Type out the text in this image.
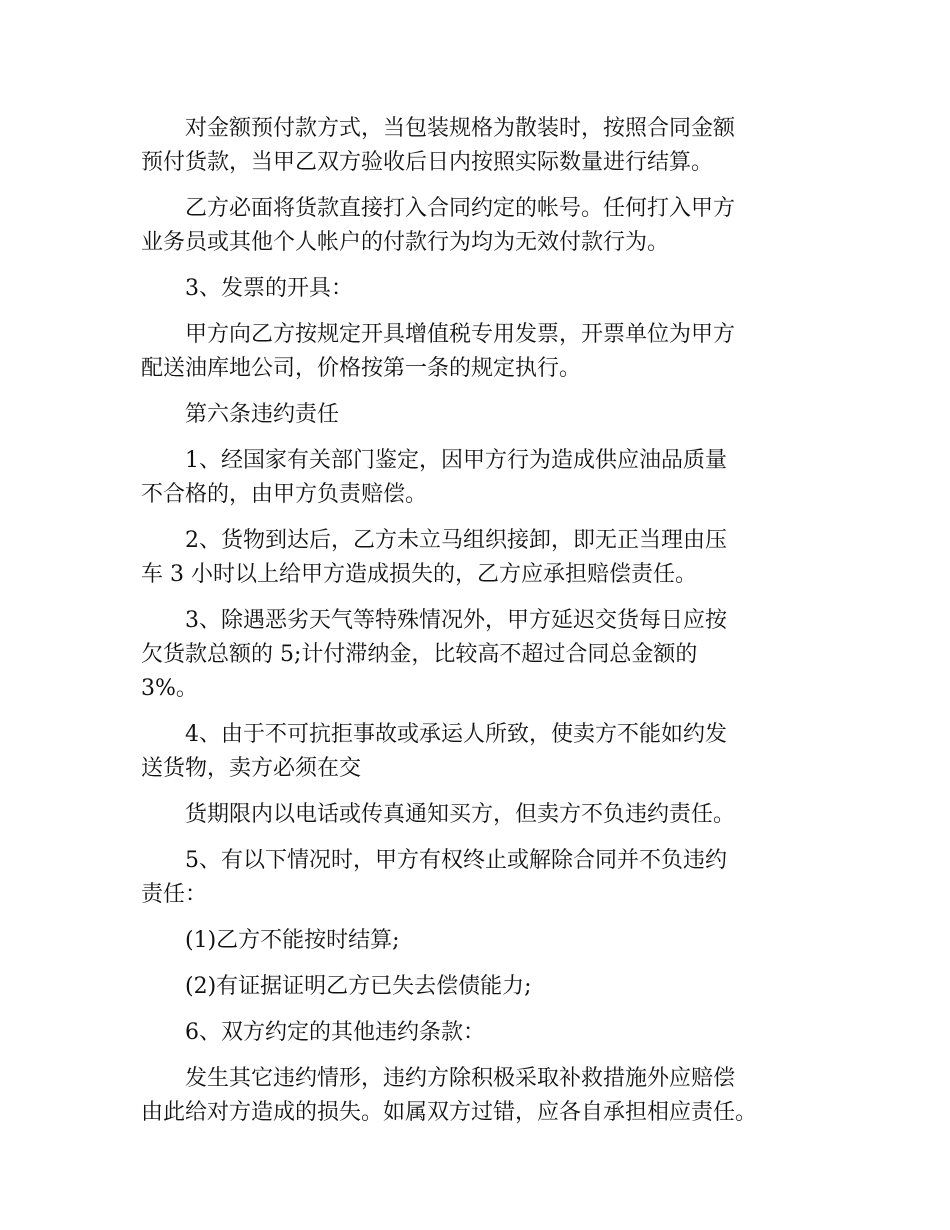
对金额预付款方式，当包装规格为散装时，按照合同金额
预付货款，当甲乙双方验收后日内按照实际数量进行结算。

乙方必面将货款直接打入合同约定的帐号。任何打入甲方
业务员或其他个人帐户的付款行为均为无效付款行为。

3、发票的开具：

甲方向乙方按规定开具增值税专用发票，开票单位为甲方
配送油库地公司，价格按第一条的规定执行。

第六条违约责任

1、经国家有关部门鉴定，因甲方行为造成供应油品质量
不合格的，由甲方负责赔偿。

2、货物到达后，乙方未立马组织接卸，即无正当理由压
车 3 小时以上给甲方造成损失的，乙方应承担赔偿责任。

3、除遇恶劣天气等特殊情况外，甲方延迟交货每日应按
欠货款总额的 5;计付滞纳金，比较高不超过合同总金额的
3%。

4、由于不可抗拒事故或承运人所致，使卖方不能如约发
送货物，卖方必须在交

货期限内以电话或传真通知买方，但卖方不负违约责任。

5、有以下情况时，甲方有权终止或解除合同并不负违约
责任：

(1)乙方不能按时结算;

(2)有证据证明乙方已失去偿债能力;

6、双方约定的其他违约条款：

发生其它违约情形，违约方除积极采取补救措施外应赔偿
由此给对方造成的损失。如属双方过错，应各自承担相应责任。
